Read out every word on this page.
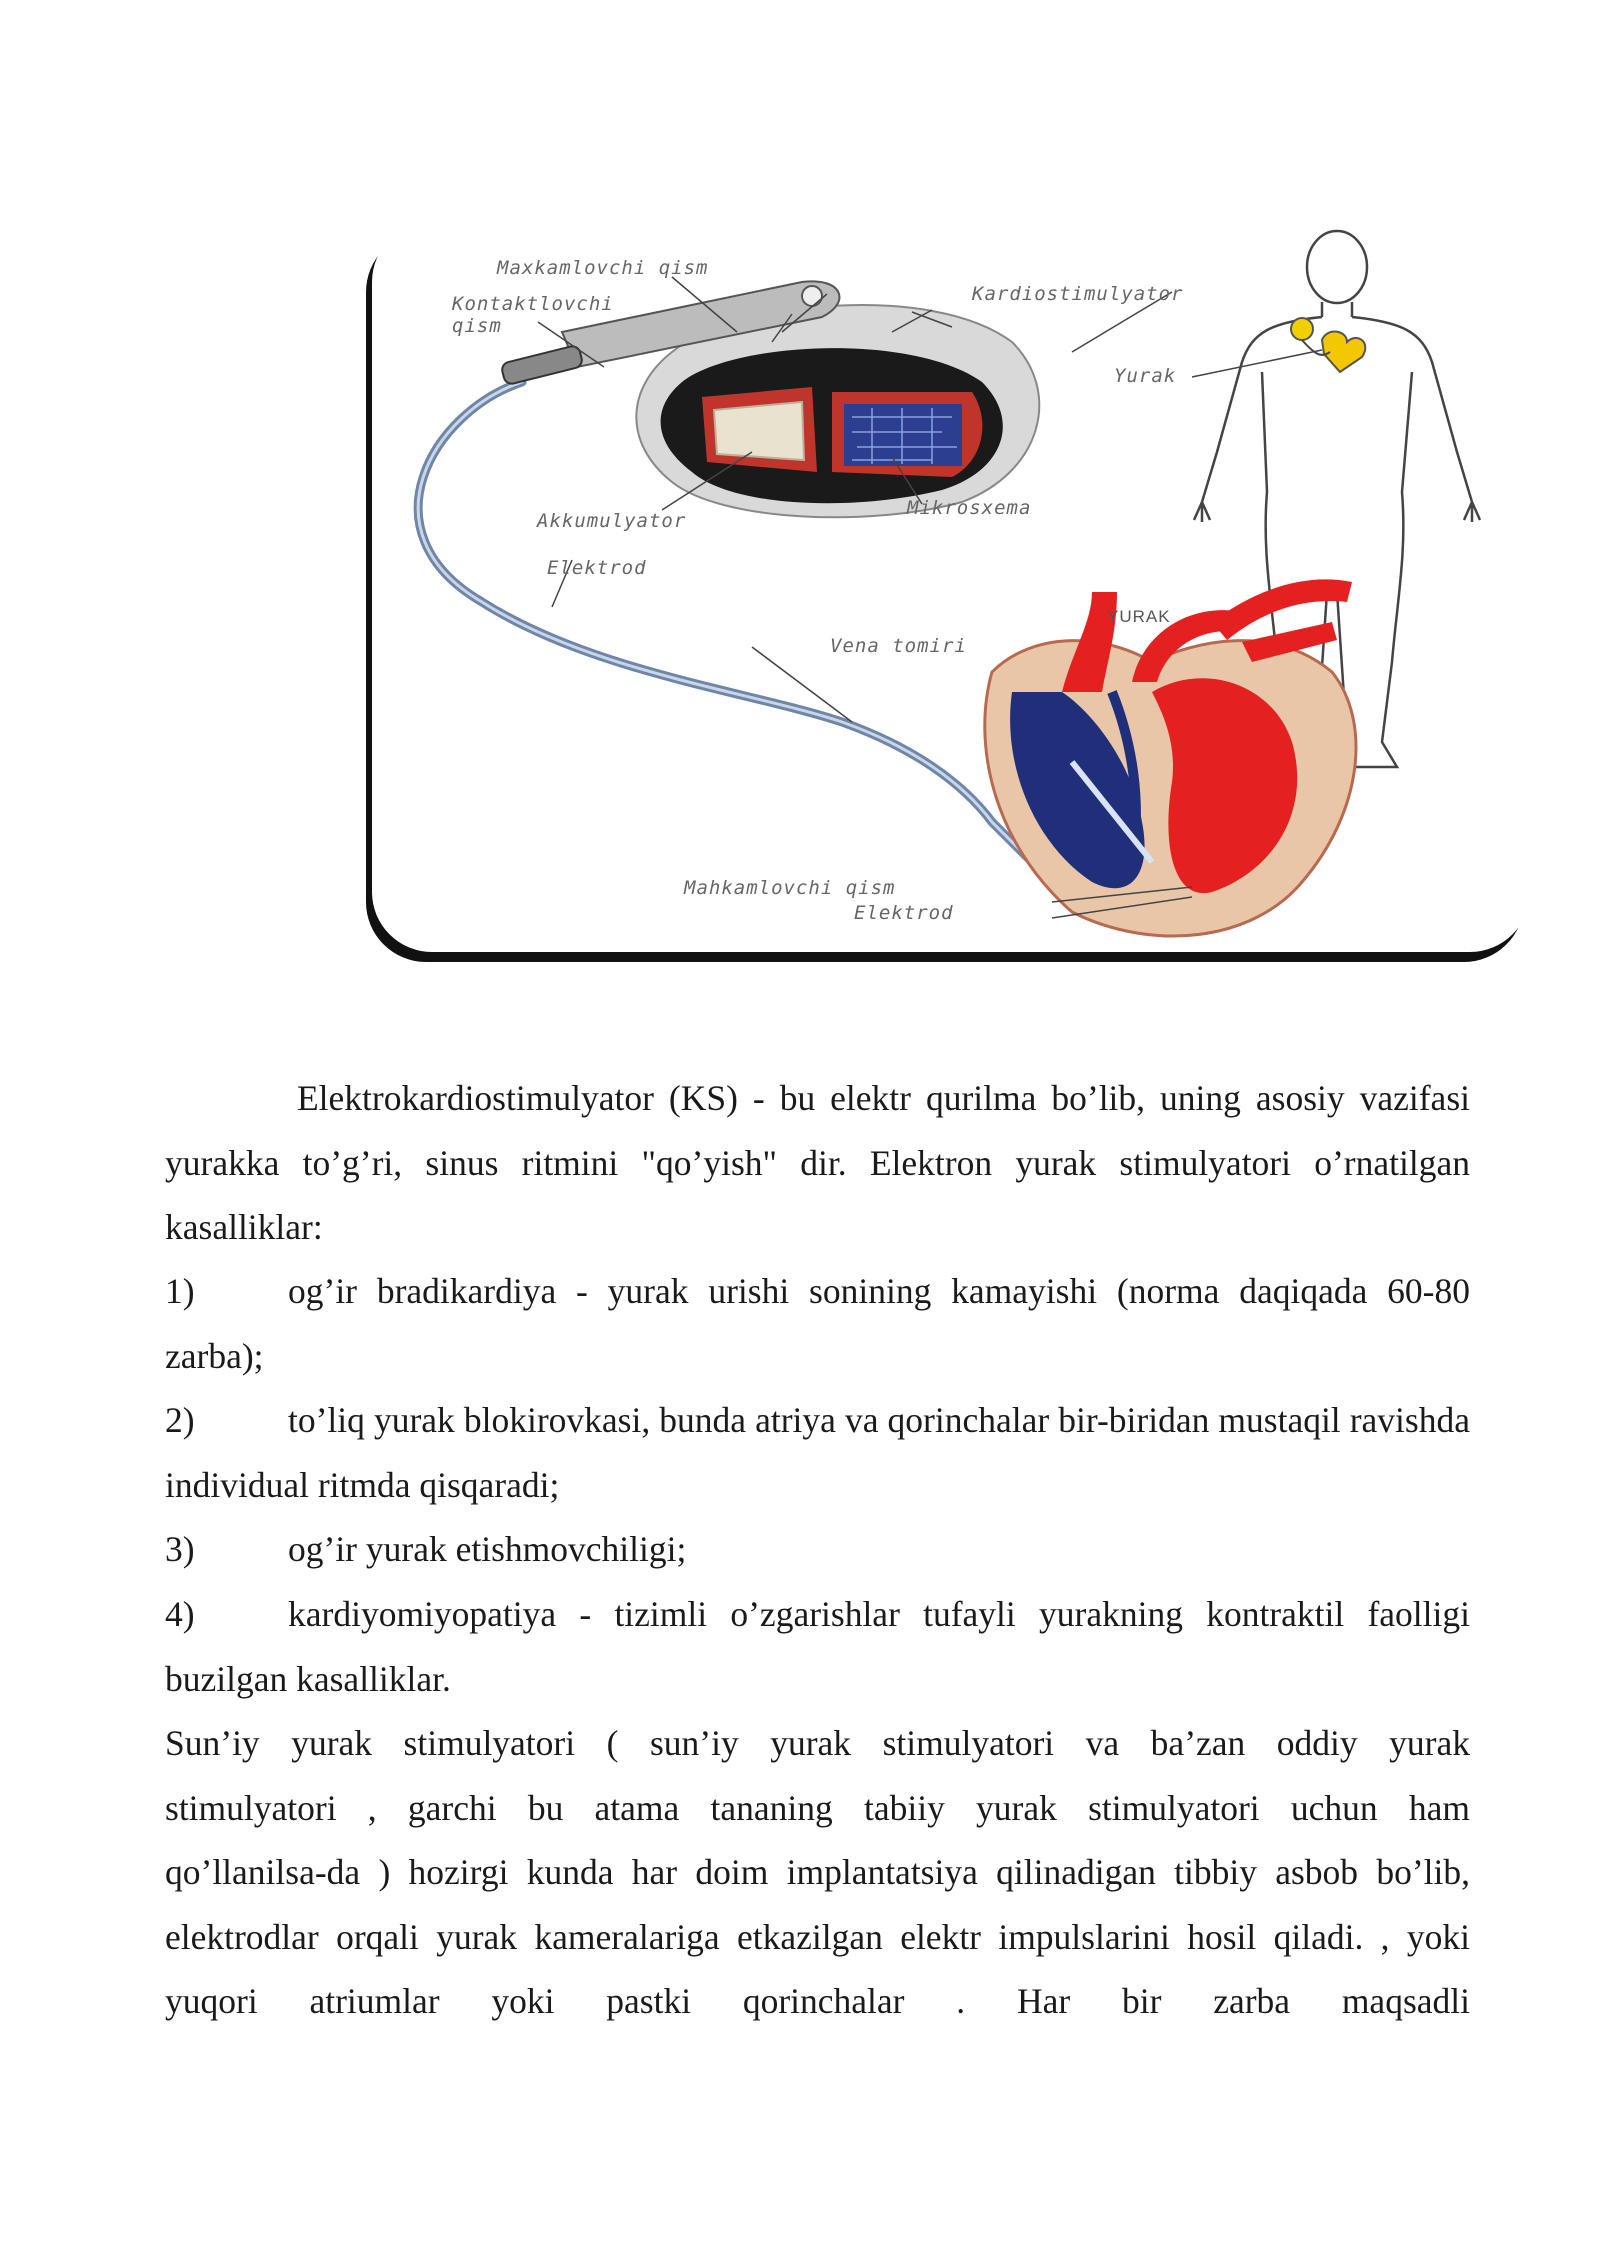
Maxkamlovchi qism
Kontaktlovchi
qism
Kardiostimulyator
Yurak
Akkumulyator
Mikrosxema
Elektrod
YURAK
Vena tomiri
Mahkamlovchi qism
Elektrod
Elektrokardiostimulyator (KS) - bu elektr qurilma bo’lib, uning asosiy vazifasi yurakka to’g’ri, sinus ritmini "qo’yish" dir. Elektron yurak stimulyatori o’rnatilgan kasalliklar:
1)	og’ir bradikardiya - yurak urishi sonining kamayishi (norma daqiqada 60-80 zarba);
2)	to’liq yurak blokirovkasi, bunda atriya va qorinchalar bir-biridan mustaqil ravishda individual ritmda qisqaradi;
3)	og’ir yurak etishmovchiligi;
4)	kardiyomiyopatiya - tizimli o’zgarishlar tufayli yurakning kontraktil faolligi buzilgan kasalliklar.
Sun’iy yurak stimulyatori ( sun’iy yurak stimulyatori va ba’zan oddiy yurak stimulyatori , garchi bu atama tananing tabiiy yurak stimulyatori uchun ham qo’llanilsa-da ) hozirgi kunda har doim implantatsiya qilinadigan tibbiy asbob bo’lib, elektrodlar orqali yurak kameralariga etkazilgan elektr impulslarini hosil qiladi. , yoki yuqori atriumlar yoki pastki qorinchalar . Har bir zarba maqsadli
